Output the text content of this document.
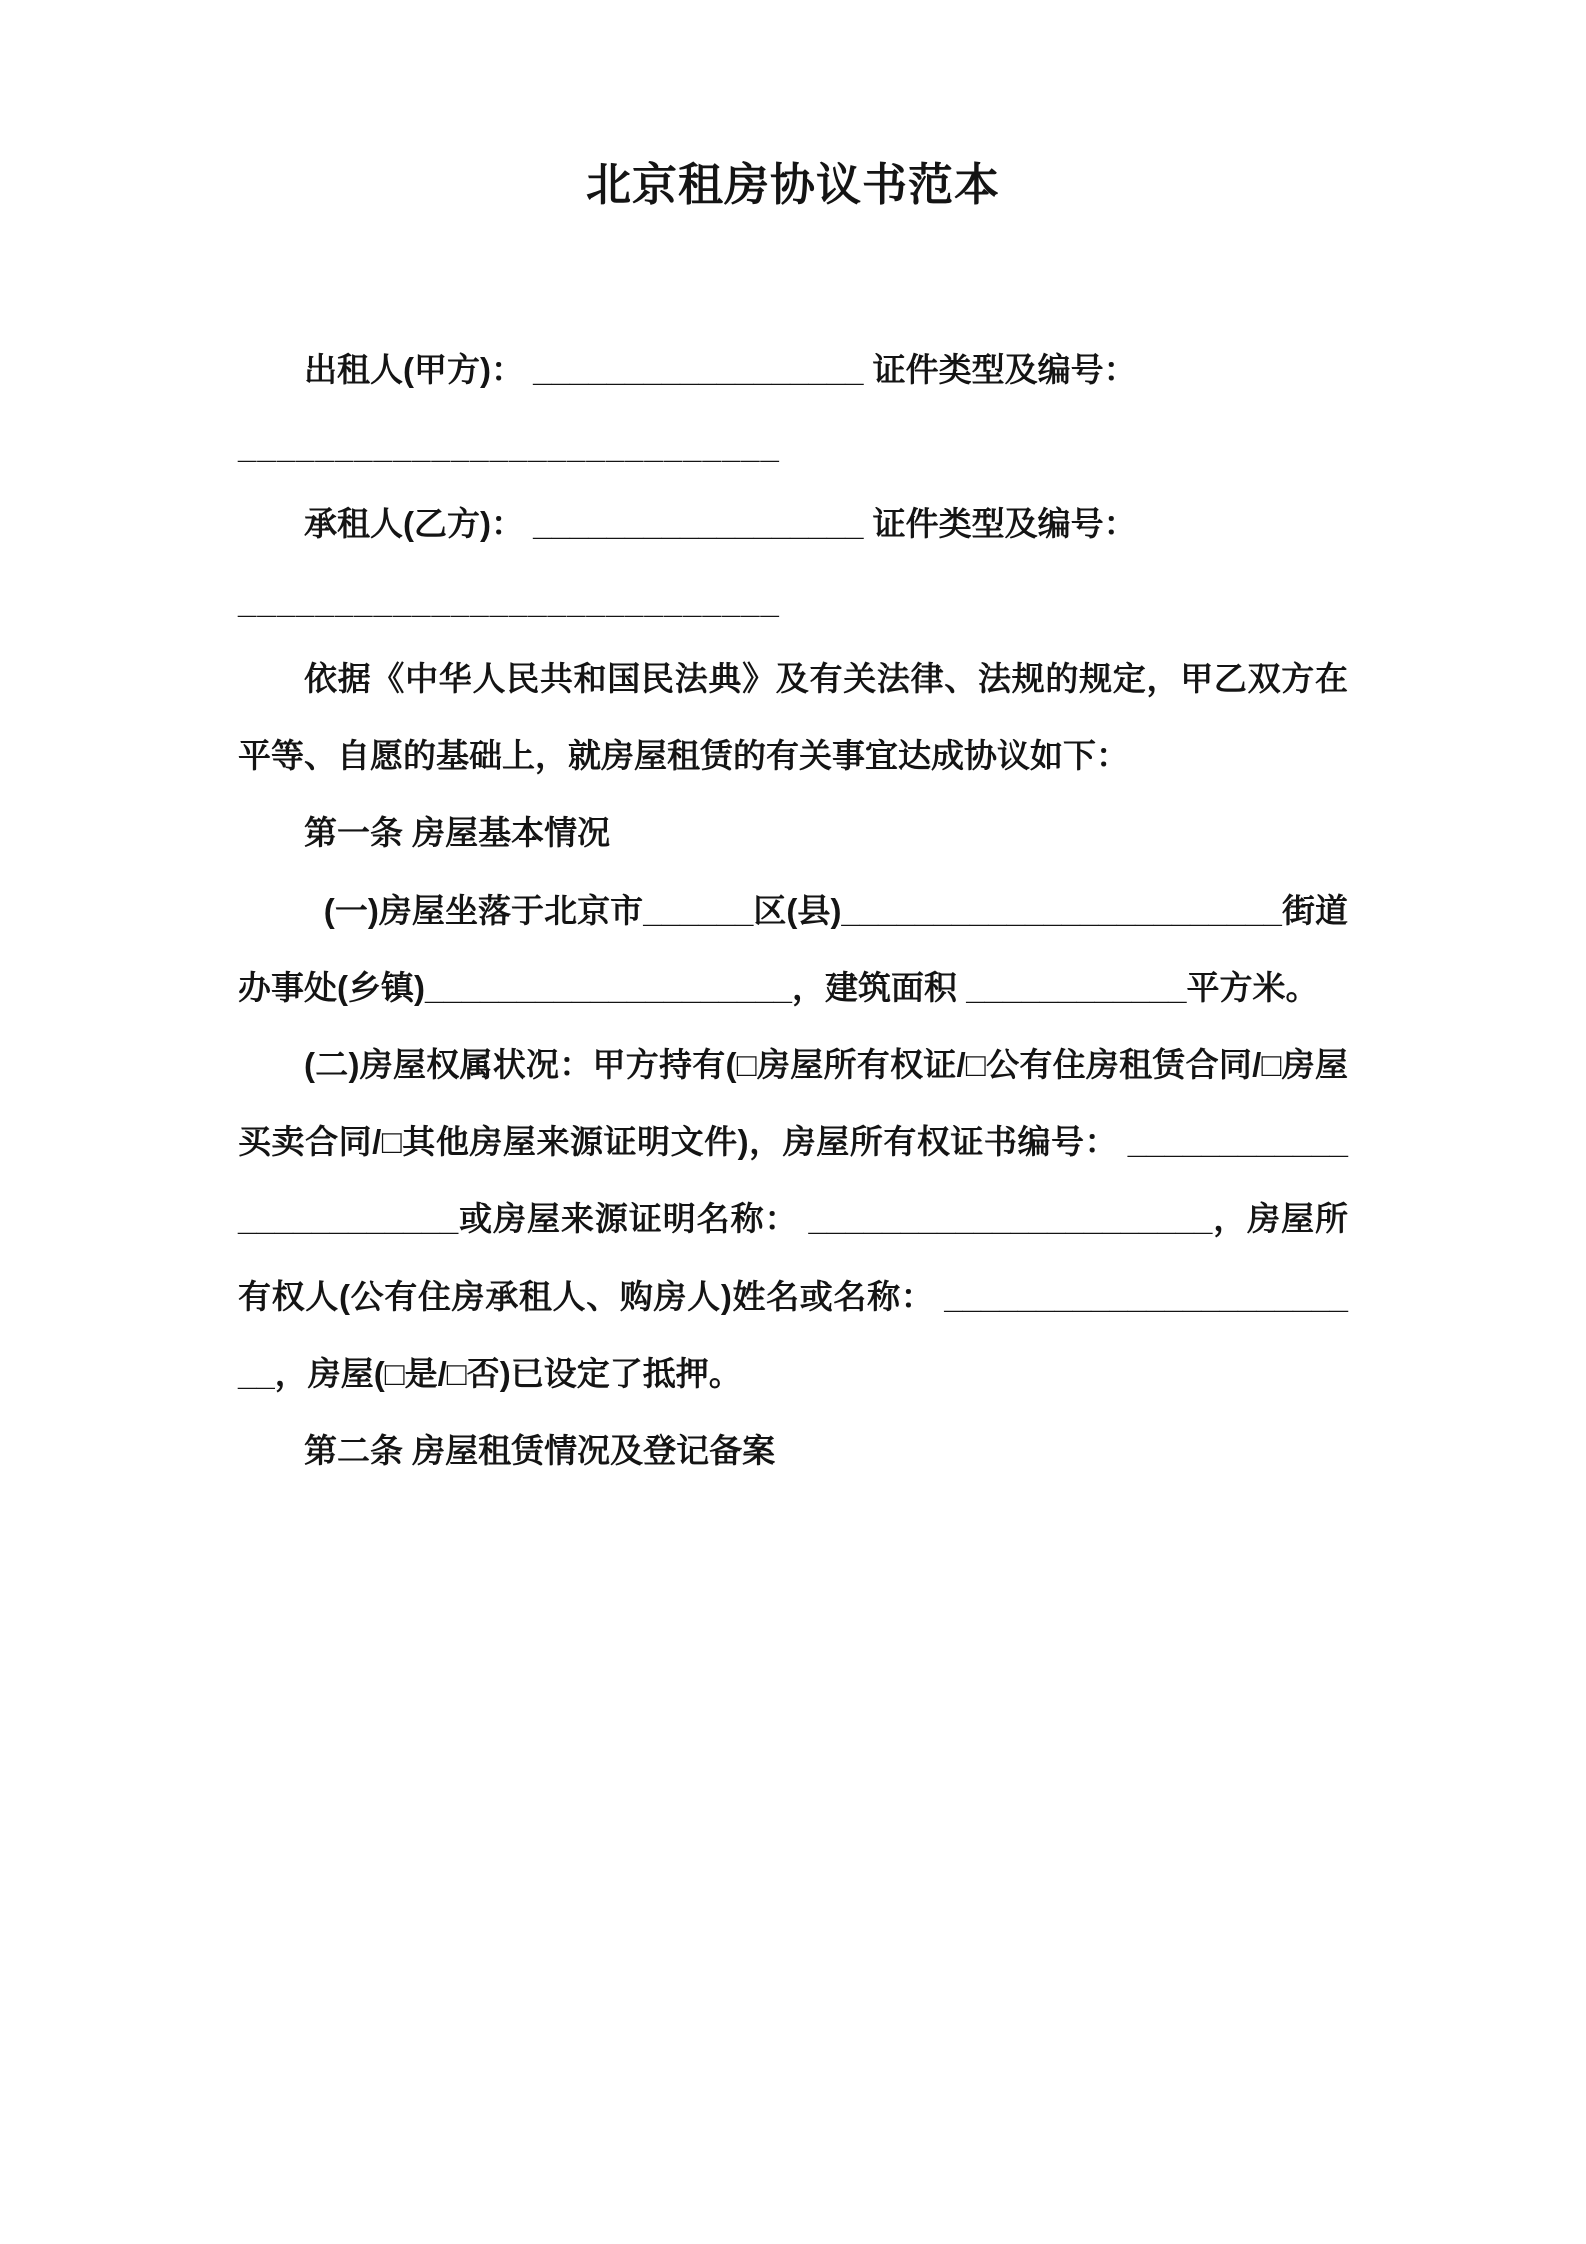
北京租房协议书范本

出租人(甲方)： __________________ 证件类型及编号：

____________________________

承租人(乙方)： __________________ 证件类型及编号：

____________________________

依据《中华人民共和国民法典》及有关法律、法规的规定，甲乙双方在平等、自愿的基础上，就房屋租赁的有关事宜达成协议如下：

第一条 房屋基本情况

(一)房屋坐落于北京市______区(县)________________________街道办事处(乡镇)____________________，建筑面积 ____________平方米。

(二)房屋权属状况：甲方持有(□房屋所有权证/□公有住房租赁合同/□房屋买卖合同/□其他房屋来源证明文件)，房屋所有权证书编号： ________________________或房屋来源证明名称： ______________________，房屋所有权人(公有住房承租人、购房人)姓名或名称： ________________________，房屋(□是/□否)已设定了抵押。

第二条 房屋租赁情况及登记备案
